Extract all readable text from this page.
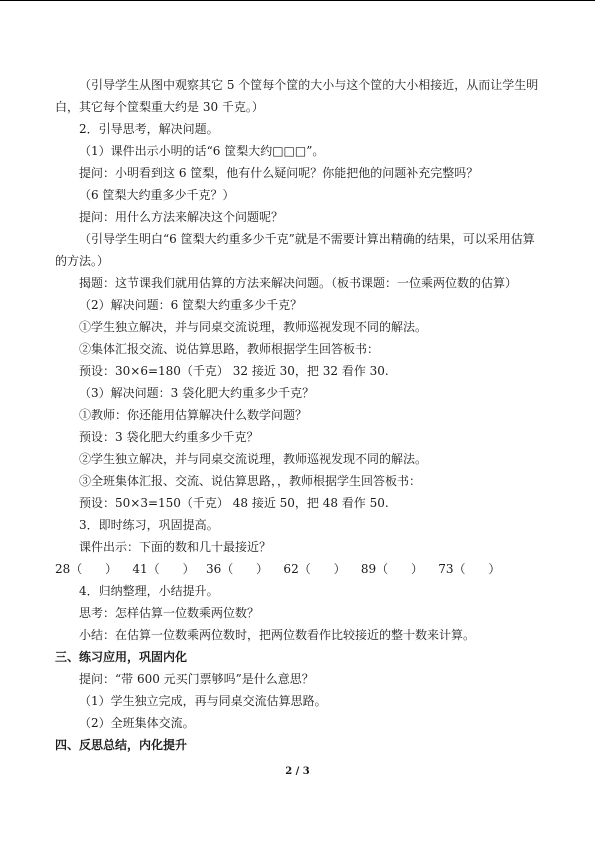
（引导学生从图中观察其它 5 个筐每个筐的大小与这个筐的大小相接近，从而让学生明
白，其它每个筐梨重大约是 30 千克。）
2．引导思考，解决问题。
（1）课件出示小明的话“6 筐梨大约□□□”。
提问：小明看到这 6 筐梨，他有什么疑问呢？你能把他的问题补充完整吗？
（6 筐梨大约重多少千克？）
提问：用什么方法来解决这个问题呢？
（引导学生明白“6 筐梨大约重多少千克”就是不需要计算出精确的结果，可以采用估算
的方法。）
揭题：这节课我们就用估算的方法来解决问题。（板书课题：一位乘两位数的估算）
（2）解决问题：6 筐梨大约重多少千克？
①学生独立解决，并与同桌交流说理，教师巡视发现不同的解法。
②集体汇报交流、说估算思路，教师根据学生回答板书：
预设：30×6=180（千克） 32 接近 30，把 32 看作 30.
（3）解决问题：3 袋化肥大约重多少千克？
①教师：你还能用估算解决什么数学问题？
预设：3 袋化肥大约重多少千克？
②学生独立解决，并与同桌交流说理，教师巡视发现不同的解法。
③全班集体汇报、交流、说估算思路，，教师根据学生回答板书：
预设：50×3=150（千克） 48 接近 50，把 48 看作 50.
3．即时练习，巩固提高。
课件出示：下面的数和几十最接近？
28（      ）    41（      ）   36（      ）    62（      ）    89（      ）    73（      ）
4．归纳整理，小结提升。
思考：怎样估算一位数乘两位数？
小结：在估算一位数乘两位数时，把两位数看作比较接近的整十数来计算。
三、练习应用，巩固内化
提问：“带 600 元买门票够吗”是什么意思？
（1）学生独立完成，再与同桌交流估算思路。
（2）全班集体交流。
四、反思总结，内化提升
2 / 3
